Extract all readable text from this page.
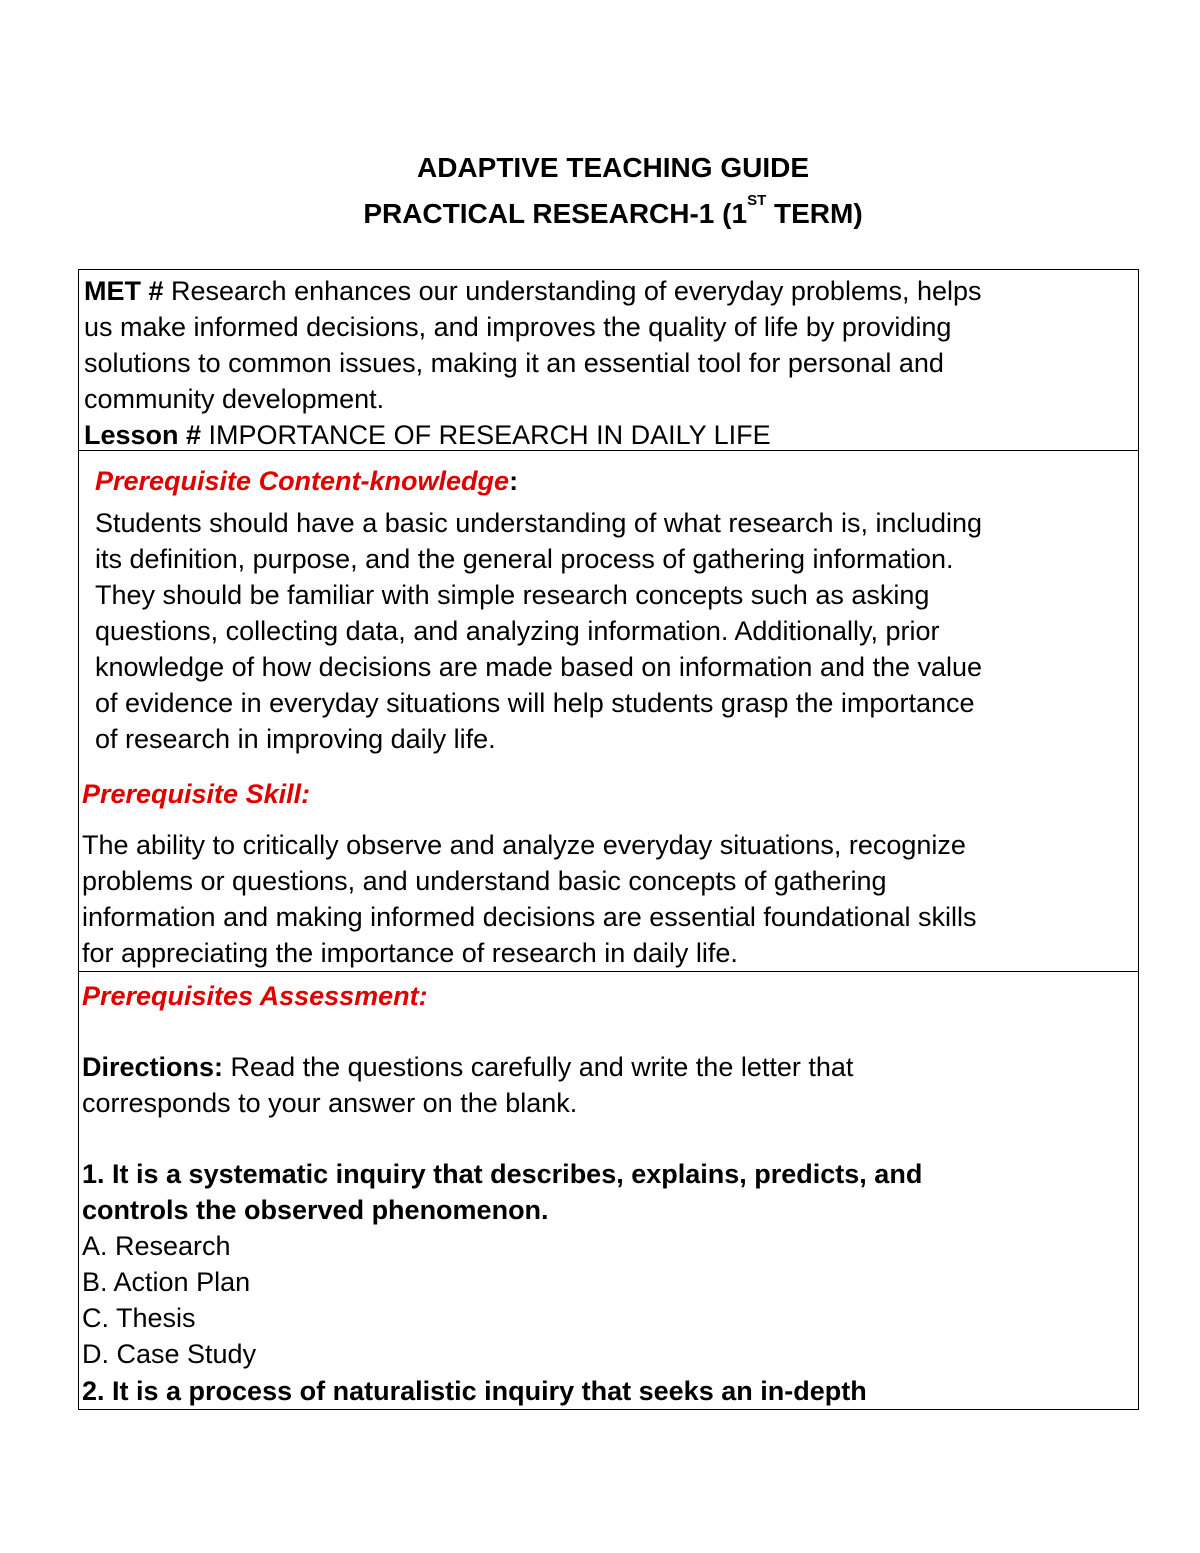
ADAPTIVE TEACHING GUIDE
PRACTICAL RESEARCH-1 (1ST TERM)

MET # Research enhances our understanding of everyday problems, helps

us make informed decisions, and improves the quality of life by providing

solutions to common issues, making it an essential tool for personal and

community development.

Lesson # IMPORTANCE OF RESEARCH IN DAILY LIFE

Prerequisite Content-knowledge:

Students should have a basic understanding of what research is, including

its definition, purpose, and the general process of gathering information.

They should be familiar with simple research concepts such as asking

questions, collecting data, and analyzing information. Additionally, prior

knowledge of how decisions are made based on information and the value

of evidence in everyday situations will help students grasp the importance

of research in improving daily life.

Prerequisite Skill:

The ability to critically observe and analyze everyday situations, recognize

problems or questions, and understand basic concepts of gathering

information and making informed decisions are essential foundational skills

for appreciating the importance of research in daily life.

Prerequisites Assessment:

Directions: Read the questions carefully and write the letter that

corresponds to your answer on the blank.

1. It is a systematic inquiry that describes, explains, predicts, and

controls the observed phenomenon.

A. Research

B. Action Plan

C. Thesis

D. Case Study

2. It is a process of naturalistic inquiry that seeks an in-depth
